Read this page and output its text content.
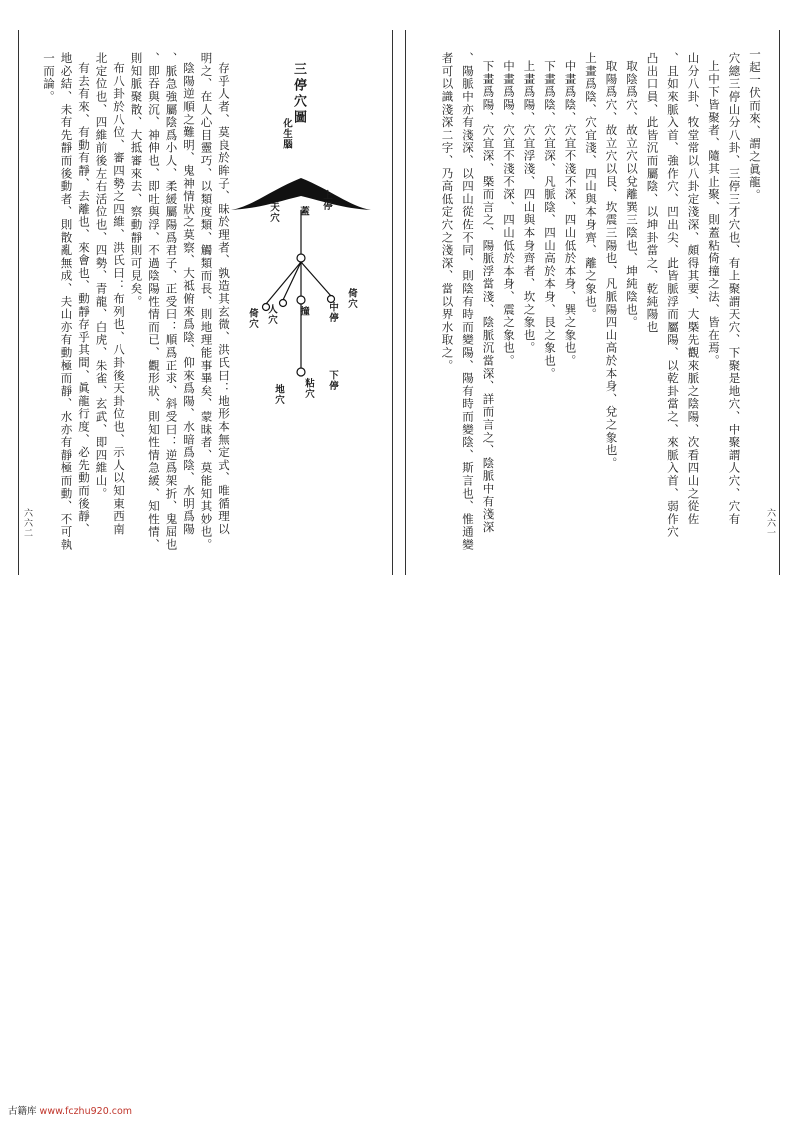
六六一
一起一伏而來、謂之眞龍。
穴總三停山分八卦、三停三才穴也、有上聚謂天穴、下聚是地穴、中聚謂人穴、穴有
上中下皆聚者、隨其止聚、則蓋粘倚撞之法、皆在焉。
山分八卦、牧堂常以八卦定淺深、頗得其要、大槩先觀來脈之陰陽、次看四山之從佐
、且如來脈入首、強作穴、凹出尖、此皆脈浮而屬陽、以乾卦當之、來脈入首、弱作穴
凸出口員、此皆沉而屬陰、以坤卦當之、乾純陽也
取陰爲穴、故立穴以兌離巽三陰也、坤純陰也。
取陽爲穴、故立穴以艮、坎震三陽也、凡脈陽四山高於本身、兌之象也。
上畫爲陰、穴宜淺、四山與本身齊、離之象也。
中畫爲陰、穴宜不淺不深、四山低於本身、巽之象也。
下畫爲陰、穴宜深、凡脈陰、四山高於本身、艮之象也。
上畫爲陽、穴宜浮淺、四山與本身齊者、坎之象也。
中畫爲陽、穴宜不淺不深、四山低於本身、震之象也。
下畫爲陽、穴宜深、槩而言之、陽脈浮當淺、陰脈沉當深、詳而言之、陰脈中有淺深
、陽脈中亦有淺深、以四山從佐不同、則陰有時而變陽、陽有時而變陰、斯言也、惟通變
者可以識淺深二字、乃高低定穴之淺深、當以界水取之。
六六二
三停穴圖
化生腦
上停
天穴 蓋
倚穴
中停
撞
人穴
倚穴
下停
粘穴
地穴
存乎人者、莫良於眸子、昧於理者、孰造其玄微、洪氏曰：地形本無定式、唯循理以
明之、在人心目靈巧、以類度類、觸類而長、則地理能事畢矣、蒙昧者、莫能知其妙也。
陰陽逆順之難明、鬼神情狀之莫察、大祗俯來爲陰、仰來爲陽、水暗爲陰、水明爲陽
、脈急強屬陰爲小人、柔緩屬陽爲君子、正受曰：順爲正求、斜受曰：逆爲架折、鬼屈也
、即吞與沉、神伸也、即吐與浮、不過陰陽性情而已、觀形狀、則知性情急緩、知性情、
則知脈聚散、大抵審來去、察動靜則可見矣。
布八卦於八位、審四勢之四維、洪氏曰：布列也、八卦後天卦位也、示人以知東西南
北定位也、四維前後左右活位也、四勢、青龍、白虎、朱雀、玄武、即四維山。
有去有來、有動有靜、去離也、來會也、動靜存乎其間、眞龍行度、必先動而後靜、
地必結、未有先靜而後動者、則散亂無成、夫山亦有動極而靜、水亦有靜極而動、不可執
一而論。
古籍库 www.fczhu920.com
